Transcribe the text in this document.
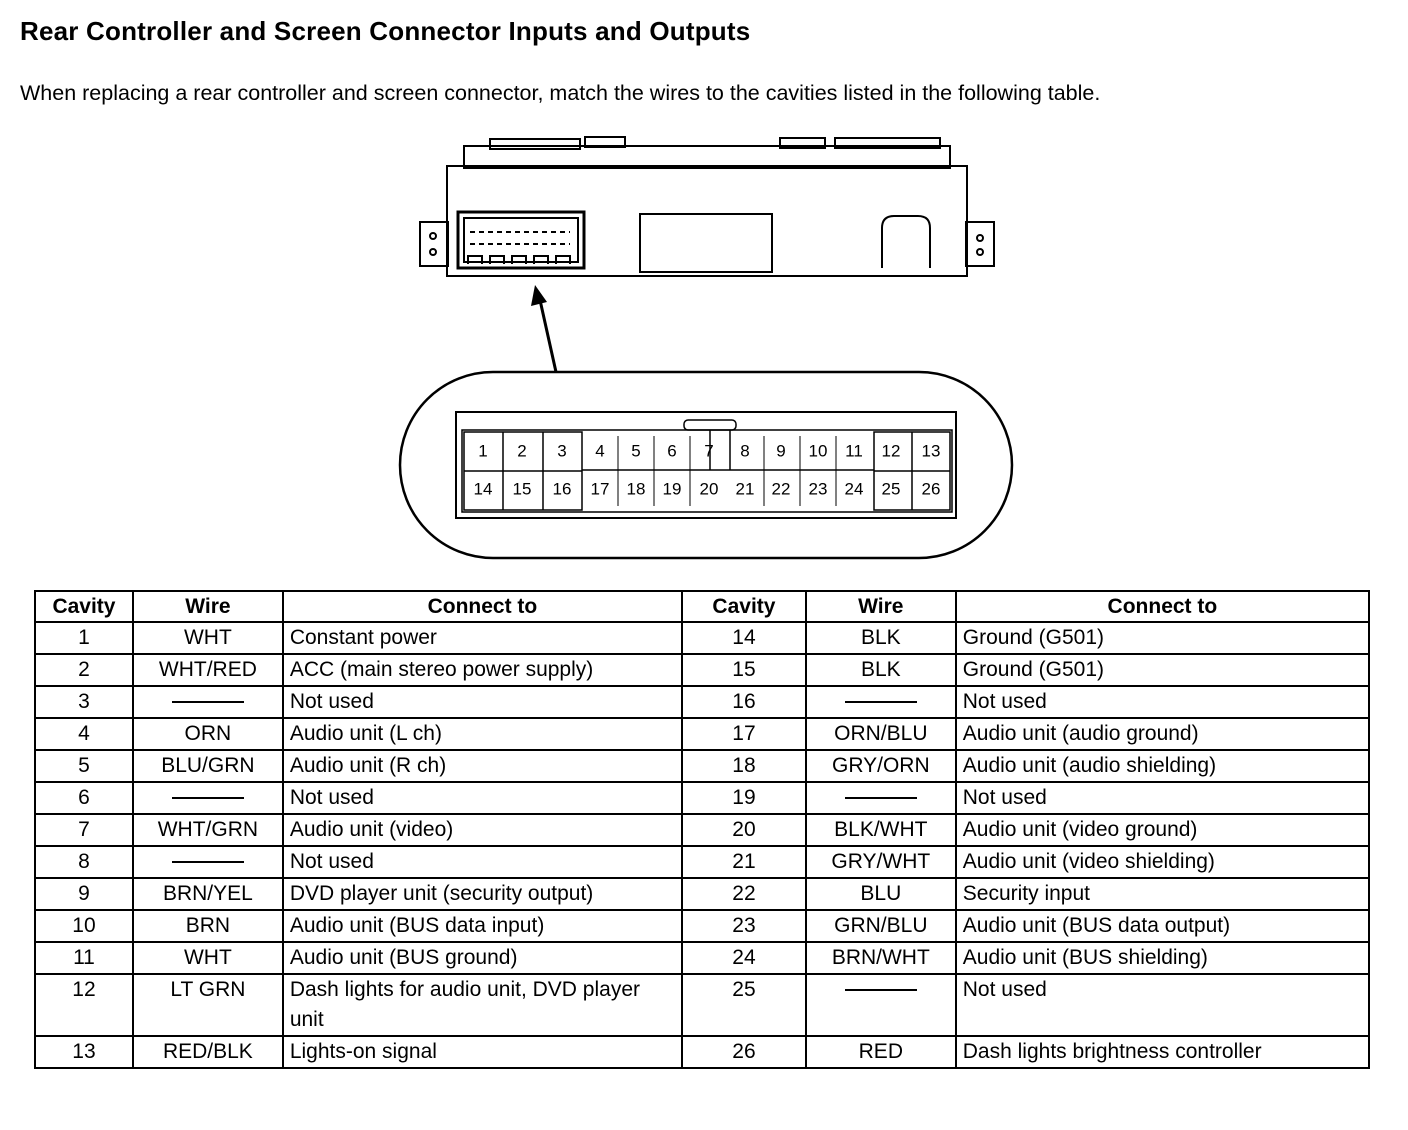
Rear Controller and Screen Connector Inputs and Outputs

When replacing a rear controller and screen connector, match the wires to the cavities listed in the following table.

1 2 3 4 5 6 7 8 9 10 11 12 13
14 15 16 17 18 19 20 21 22 23 24 25 26
Cavity	Wire	Connect to	Cavity	Wire	Connect to
1	WHT	Constant power	14	BLK	Ground (G501)
2	WHT/RED	ACC (main stereo power supply)	15	BLK	Ground (G501)
3		Not used	16		Not used
4	ORN	Audio unit (L ch)	17	ORN/BLU	Audio unit (audio ground)
5	BLU/GRN	Audio unit (R ch)	18	GRY/ORN	Audio unit (audio shielding)
6		Not used	19		Not used
7	WHT/GRN	Audio unit (video)	20	BLK/WHT	Audio unit (video ground)
8		Not used	21	GRY/WHT	Audio unit (video shielding)
9	BRN/YEL	DVD player unit (security output)	22	BLU	Security input
10	BRN	Audio unit (BUS data input)	23	GRN/BLU	Audio unit (BUS data output)
11	WHT	Audio unit (BUS ground)	24	BRN/WHT	Audio unit (BUS shielding)
12	LT GRN	Dash lights for audio unit, DVD player unit	25		Not used
13	RED/BLK	Lights-on signal	26	RED	Dash lights brightness controller
